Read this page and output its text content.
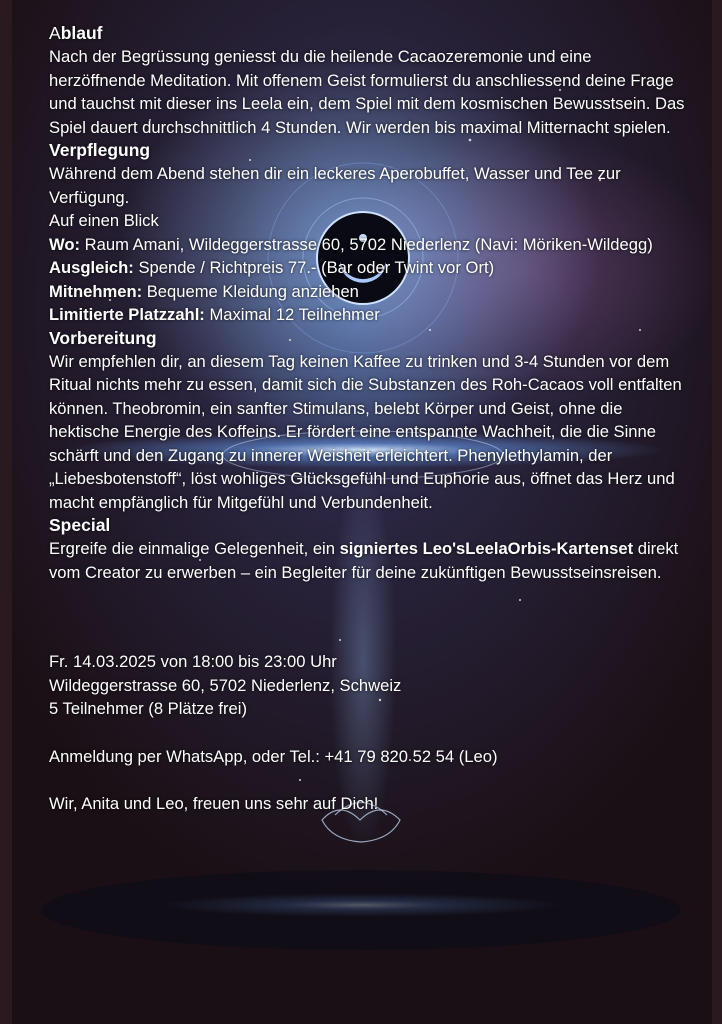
Ablauf

Nach der Begrüssung geniesst du die heilende Cacaozeremonie und eine herzöffnende Meditation. Mit offenem Geist formulierst du anschliessend deine Frage und tauchst mit dieser ins Leela ein, dem Spiel mit dem kosmischen Bewusstsein. Das Spiel dauert durchschnittlich 4 Stunden. Wir werden bis maximal Mitternacht spielen.

Verpflegung

Während dem Abend stehen dir ein leckeres Aperobuffet, Wasser und Tee zur Verfügung.

Auf einen Blick

Wo: Raum Amani, Wildeggerstrasse 60, 5702 Niederlenz (Navi: Möriken-Wildegg)

Ausgleich: Spende / Richtpreis 77.- (Bar oder Twint vor Ort)

Mitnehmen: Bequeme Kleidung anziehen

Limitierte Platzzahl: Maximal 12 Teilnehmer

Vorbereitung

Wir empfehlen dir, an diesem Tag keinen Kaffee zu trinken und 3-4 Stunden vor dem Ritual nichts mehr zu essen, damit sich die Substanzen des Roh-Cacaos voll entfalten können. Theobromin, ein sanfter Stimulans, belebt Körper und Geist, ohne die hektische Energie des Koffeins. Er fördert eine entspannte Wachheit, die die Sinne schärft und den Zugang zu innerer Weisheit erleichtert. Phenylethylamin, der „Liebesbotenstoff“, löst wohliges Glücksgefühl und Euphorie aus, öffnet das Herz und macht empfänglich für Mitgefühl und Verbundenheit.

Special

Ergreife die einmalige Gelegenheit, ein signiertes Leo'sLeelaOrbis-Kartenset direkt vom Creator zu erwerben – ein Begleiter für deine zukünftigen Bewusstseinsreisen.

Fr. 14.03.2025 von 18:00 bis 23:00 Uhr

Wildeggerstrasse 60, 5702 Niederlenz, Schweiz

5 Teilnehmer (8 Plätze frei)

Anmeldung per WhatsApp, oder Tel.: +41 79 820 52 54 (Leo)

Wir, Anita und Leo, freuen uns sehr auf Dich!
